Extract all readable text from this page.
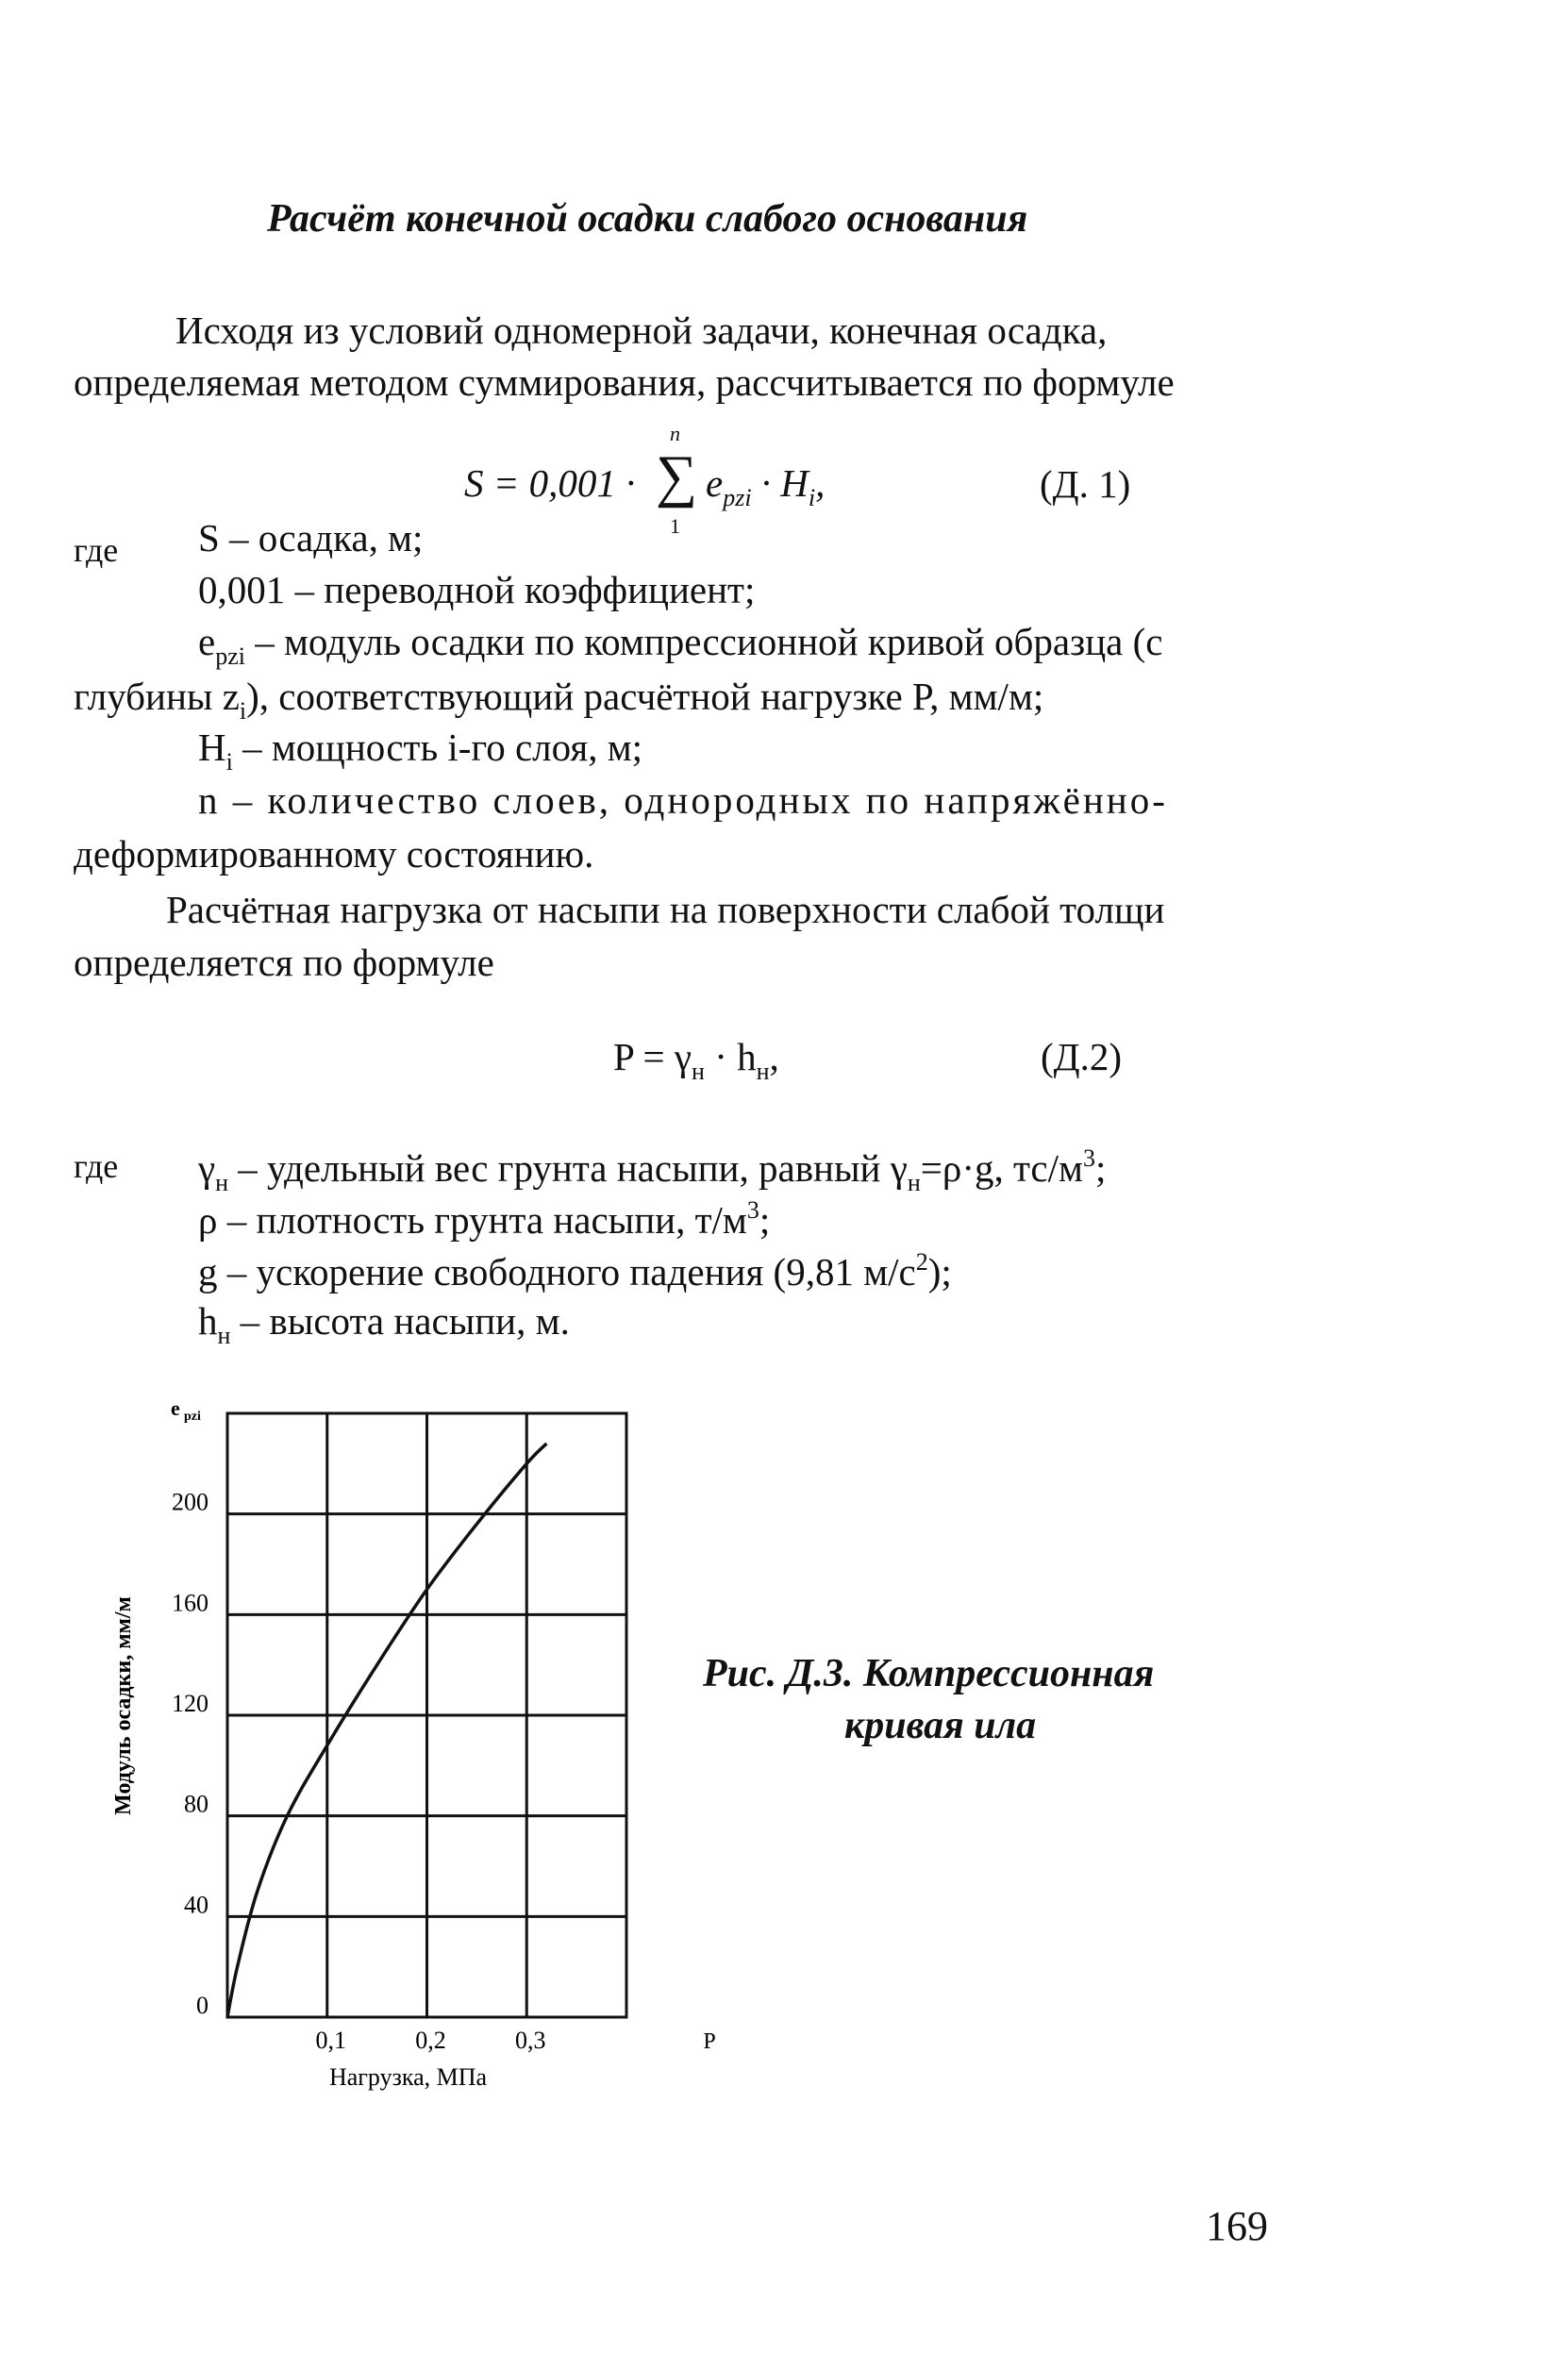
Расчёт конечной осадки слабого основания
Исходя из условий одномерной задачи, конечная осадка,
определяемая методом суммирования, рассчитывается по формуле
S = 0,001 · ∑
n
1
$e_{pzi} \cdot H_i$,	(Д. 1)
где S – осадка, м;
0,001 – переводной коэффициент;
$e_{pzi}$ – модуль осадки по компрессионной кривой образца (с
глубины $z_i$), соответствующий расчётной нагрузке P, мм/м;
$H_i$ – мощность i-го слоя, м;
n – количество слоев, однородных по напряжённо-
деформированному состоянию.
Расчётная нагрузка от насыпи на поверхности слабой толщи
определяется по формуле
$P = \gamma_н \cdot h_н$,	(Д.2)
где $\gamma_н$ – удельный вес грунта насыпи, равный $\gamma_н=\rho\cdot g$, $тс/м^3$;
ρ – плотность грунта насыпи, $т/м^3$;
g – ускорение свободного падения (9,81 $м/с^2$);
$h_н$ – высота насыпи, м.
0
40
80
120
160
200
0,1	0,2	0,3	P
e pzi
Нагрузка, МПа
Модуль осадки, мм/м	Рис. Д.3. Компрессионная
кривая ила
169
